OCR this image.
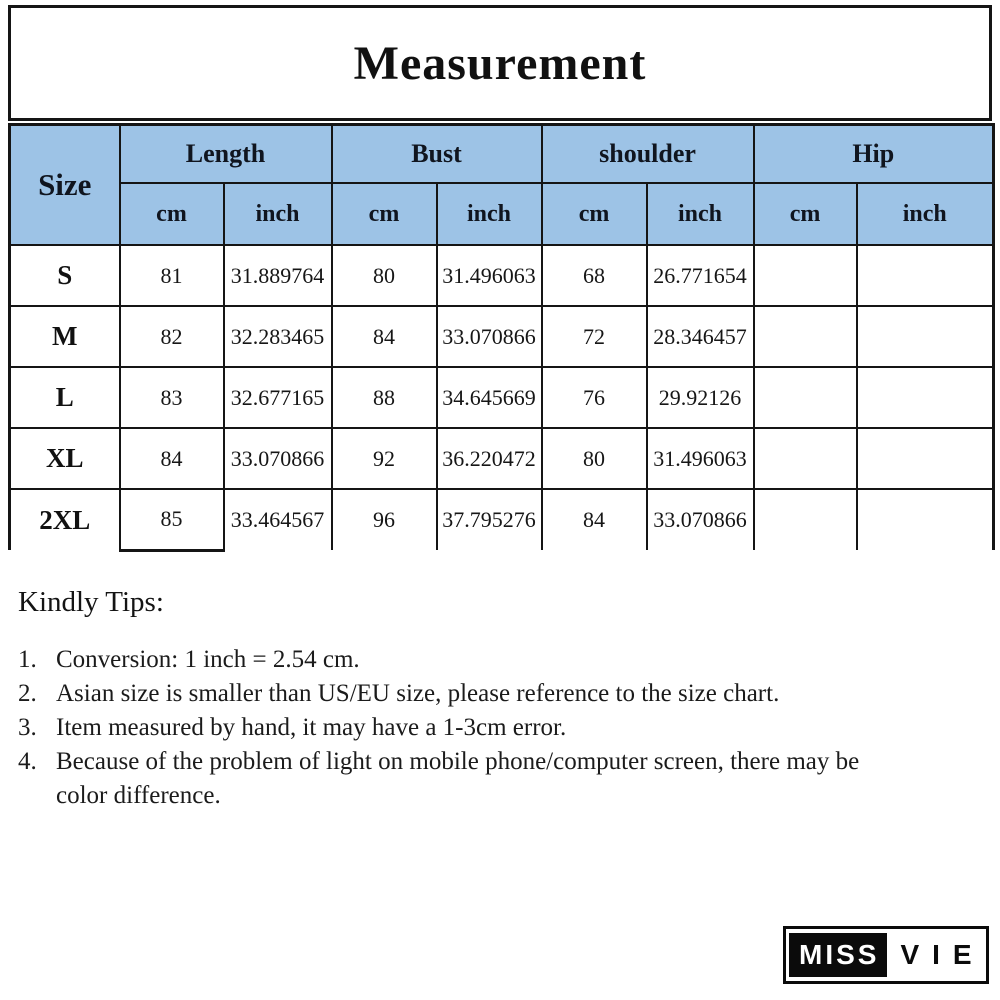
Measurement
Size	Length		Bust		shoulder		Hip	
	cm	inch	cm	inch	cm	inch	cm	inch
S	81	31.889764	80	31.496063	68	26.771654		
M	82	32.283465	84	33.070866	72	28.346457		
L	83	32.677165	88	34.645669	76	29.92126		
XL	84	33.070866	92	36.220472	80	31.496063		
2XL	85	33.464567	96	37.795276	84	33.070866		

Kindly Tips:

1. Conversion: 1 inch = 2.54 cm.
2. Asian size is smaller than US/EU size, please reference to the size chart.
3. Item measured by hand, it may have a 1-3cm error.
4. Because of the problem of light on mobile phone/computer screen, there may be color difference.
MISS VIE
